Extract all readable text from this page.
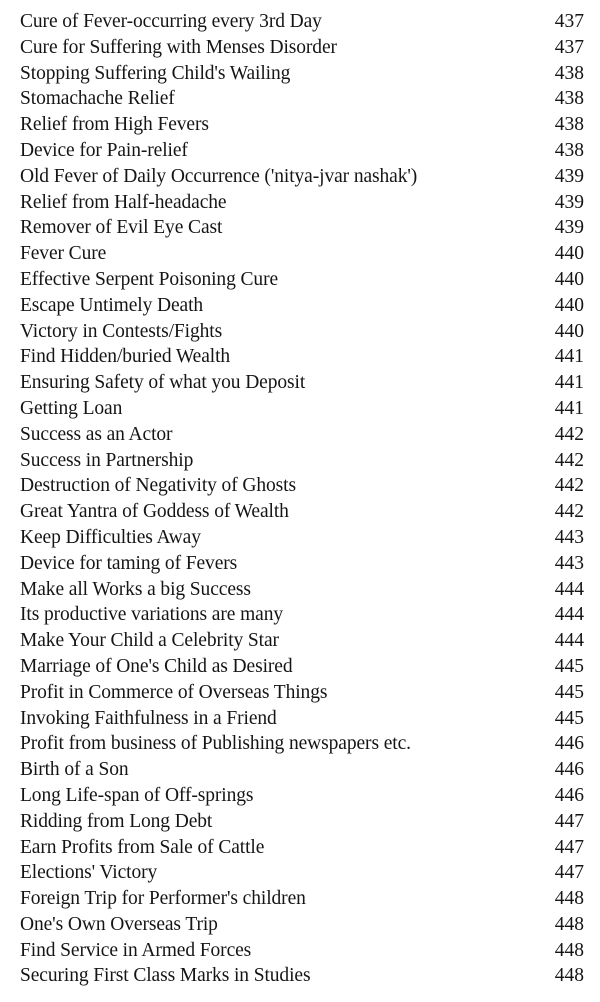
Cure of Fever-occurring every 3rd Day	437
Cure for Suffering with Menses Disorder	437
Stopping Suffering Child's Wailing	438
Stomachache Relief	438
Relief from High Fevers	438
Device for Pain-relief	438
Old Fever of Daily Occurrence ('nitya-jvar nashak')	439
Relief from Half-headache	439
Remover of Evil Eye Cast	439
Fever Cure	440
Effective Serpent Poisoning Cure	440
Escape Untimely Death	440
Victory in Contests/Fights	440
Find Hidden/buried Wealth	441
Ensuring Safety of what you Deposit	441
Getting Loan	441
Success as an Actor	442
Success in Partnership	442
Destruction of Negativity of Ghosts	442
Great Yantra of Goddess of Wealth	442
Keep Difficulties Away	443
Device for taming of Fevers	443
Make all Works a big Success	444
Its productive variations are many	444
Make Your Child a Celebrity Star	444
Marriage of One's Child as Desired	445
Profit in Commerce of Overseas Things	445
Invoking Faithfulness in a Friend	445
Profit from business of Publishing newspapers etc.	446
Birth of a Son	446
Long Life-span of Off-springs	446
Ridding from Long Debt	447
Earn Profits from Sale of Cattle	447
Elections' Victory	447
Foreign Trip for Performer's children	448
One's Own Overseas Trip	448
Find Service in Armed Forces	448
Securing First Class Marks in Studies	448
